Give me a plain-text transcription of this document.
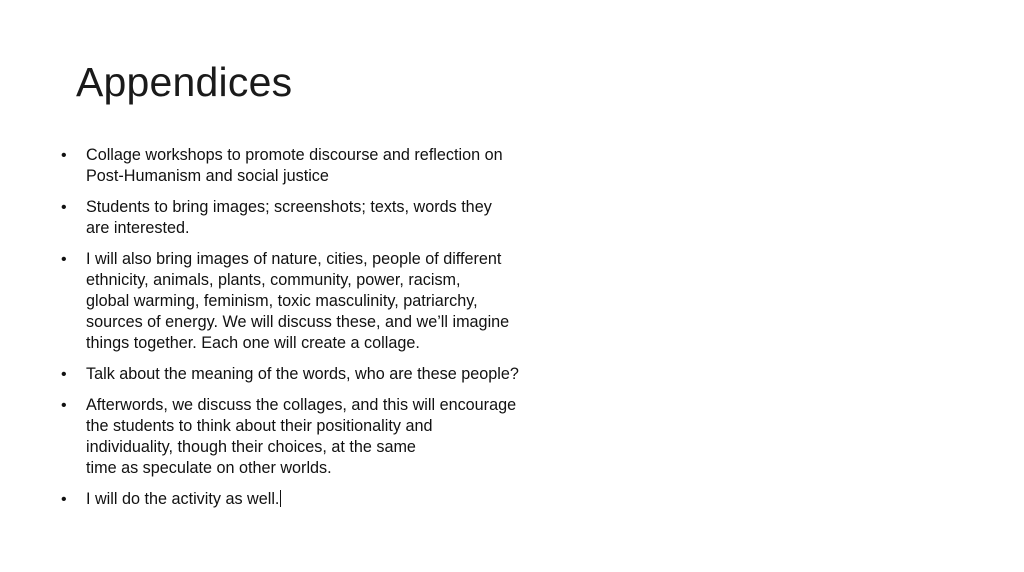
Appendices
• Collage workshops to promote discourse and reflection on
Post-Humanism and social justice
• Students to bring images; screenshots; texts, words they
are interested.
• I will also bring images of nature, cities, people of different
ethnicity, animals, plants, community, power, racism,
global warming, feminism, toxic masculinity, patriarchy,
sources of energy. We will discuss these, and we’ll imagine
things together. Each one will create a collage.
• Talk about the meaning of the words, who are these people?
• Afterwords, we discuss the collages, and this will encourage
the students to think about their positionality and
individuality, though their choices, at the same
time as speculate on other worlds.
• I will do the activity as well.
